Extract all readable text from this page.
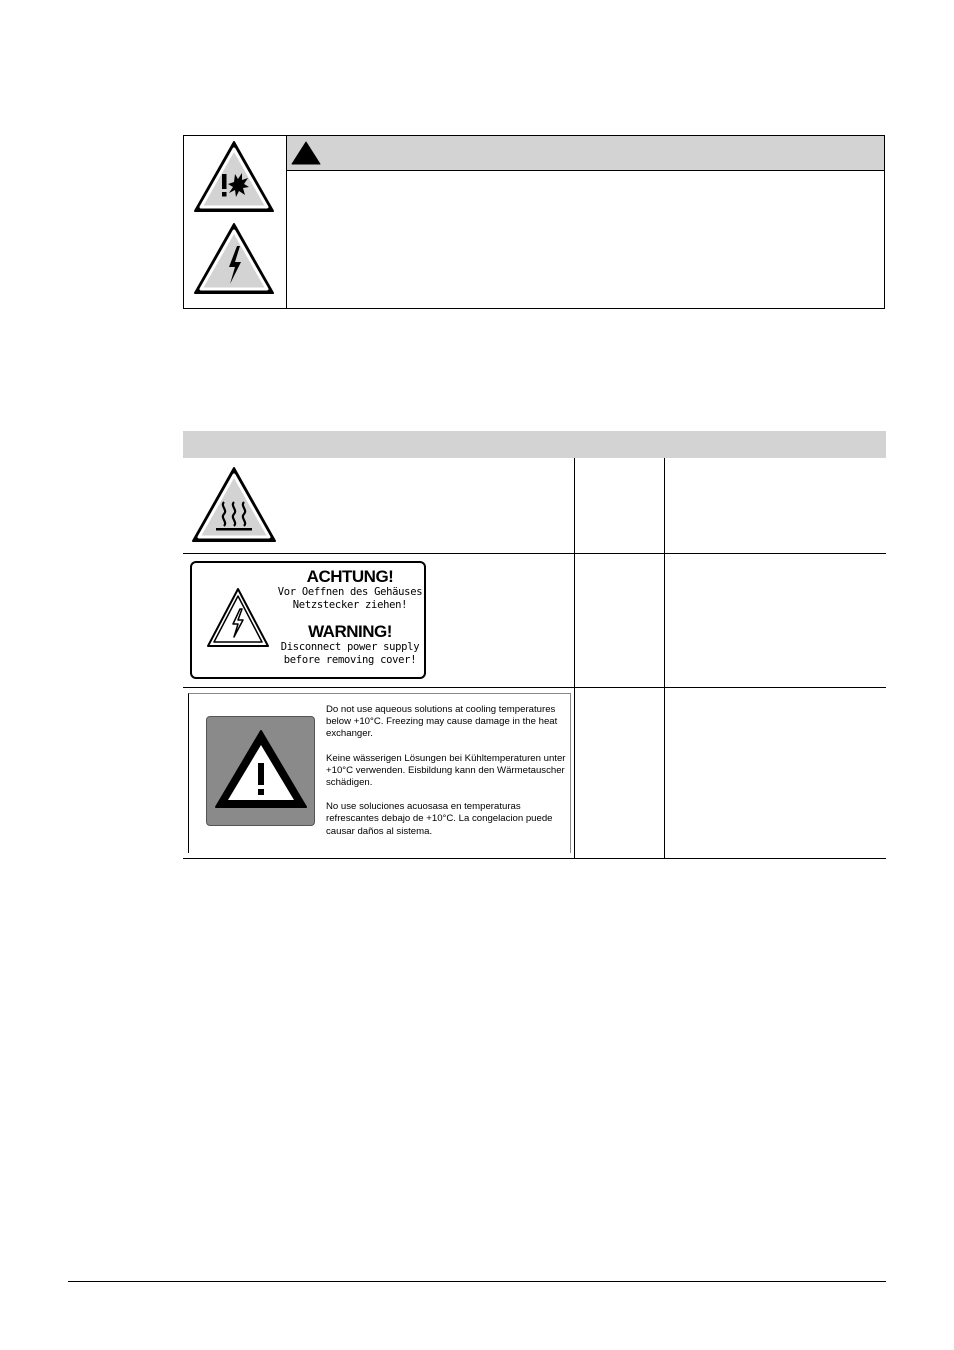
ACHTUNG!
Vor Oeffnen des Gehäuses
Netzstecker ziehen!
WARNING!
Disconnect power supply
before removing cover!

Do not use aqueous solutions at cooling temperatures below +10°C. Freezing may cause damage in the heat exchanger.

Keine wässerigen Lösungen bei Kühltemperaturen unter +10°C verwenden. Eisbildung kann den Wärmetauscher schädigen.

No use soluciones acuosasa en temperaturas refrescantes debajo de +10°C. La congelacion puede causar daños al sistema.
